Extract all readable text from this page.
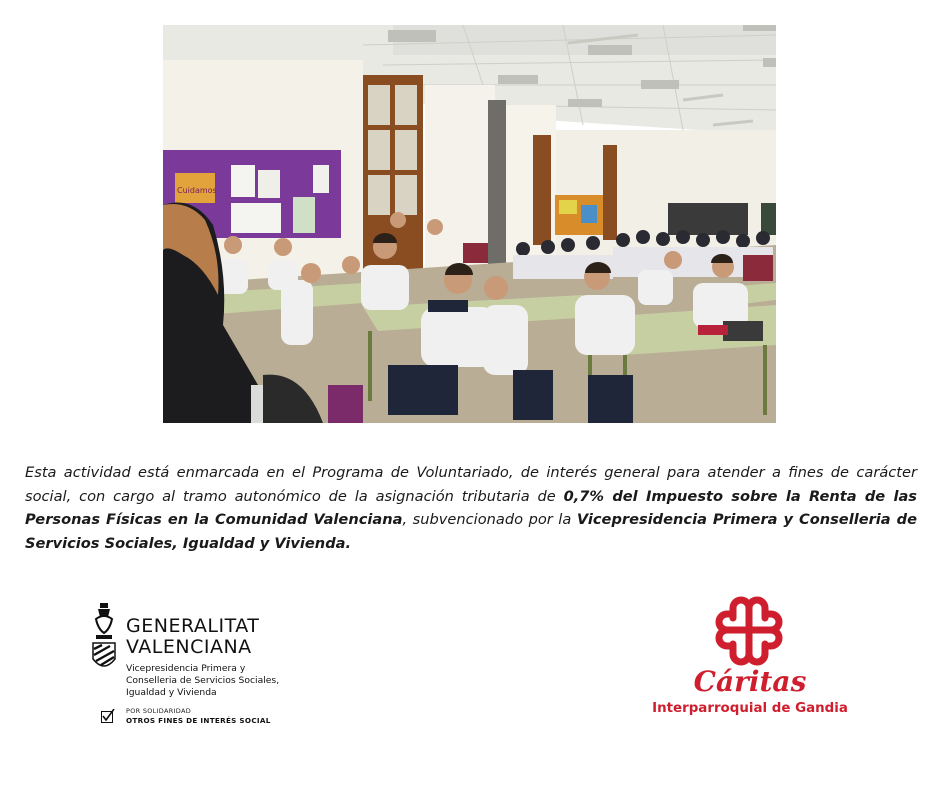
Cuidamos
Esta actividad está enmarcada en el Programa de Voluntariado, de interés general para atender a fines de carácter social, con cargo al tramo autonómico de la asignación tributaria de 0,7% del Impuesto sobre la Renta de las Personas Físicas en la Comunidad Valenciana, subvencionado por la Vicepresidencia Primera y Conselleria de Servicios Sociales, Igualdad y Vivienda.
GENERALITAT
VALENCIANA
Vicepresidencia Primera y
Conselleria de Servicios Sociales,
Igualdad y Vivienda
POR SOLIDARIDAD
OTROS FINES DE INTERÉS SOCIAL
Cáritas
Interparroquial de Gandia
